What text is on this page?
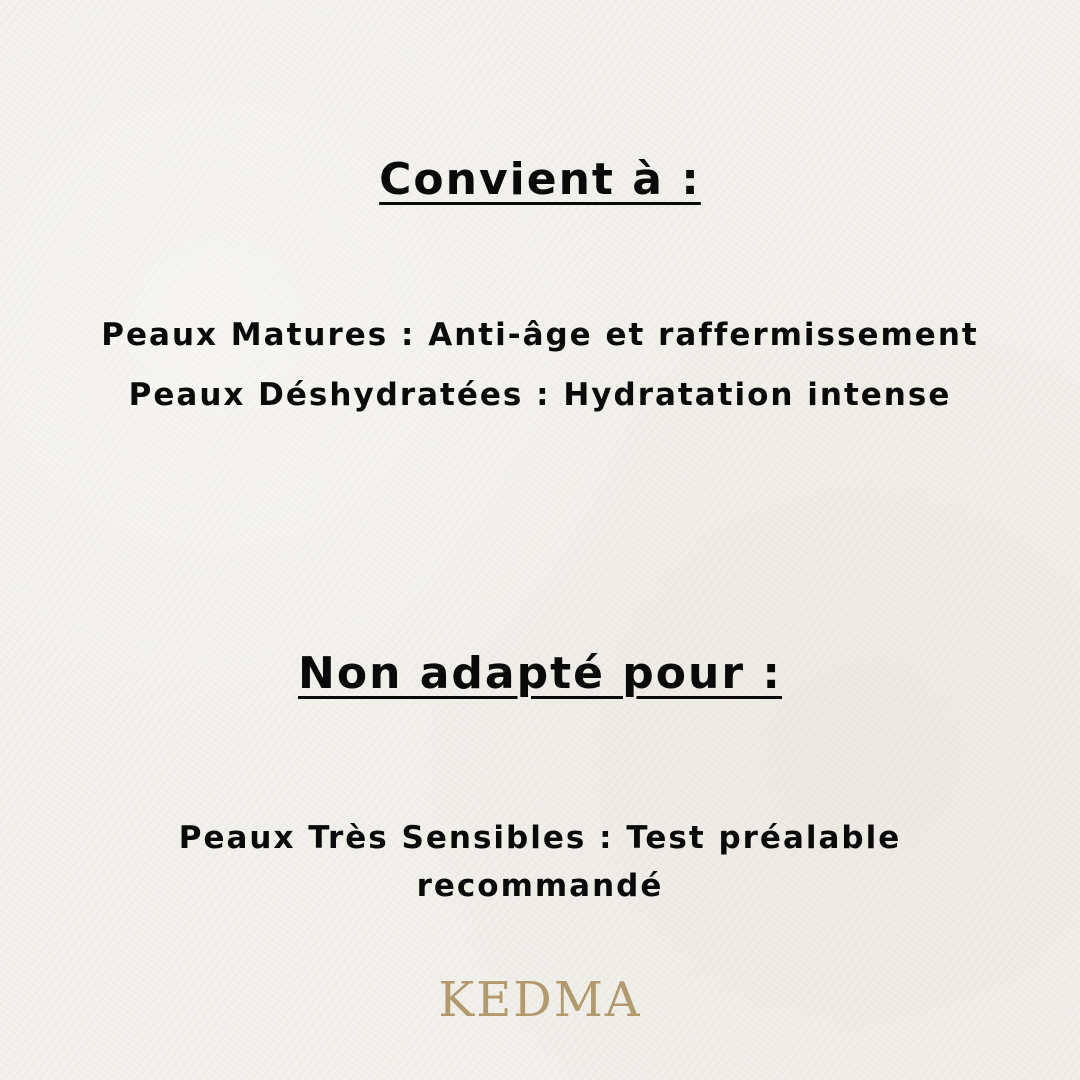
Convient à :

Peaux Matures : Anti-âge et raffermissement

Peaux Déshydratées : Hydratation intense

Non adapté pour :

Peaux Très Sensibles : Test préalable recommandé

KEDMA
